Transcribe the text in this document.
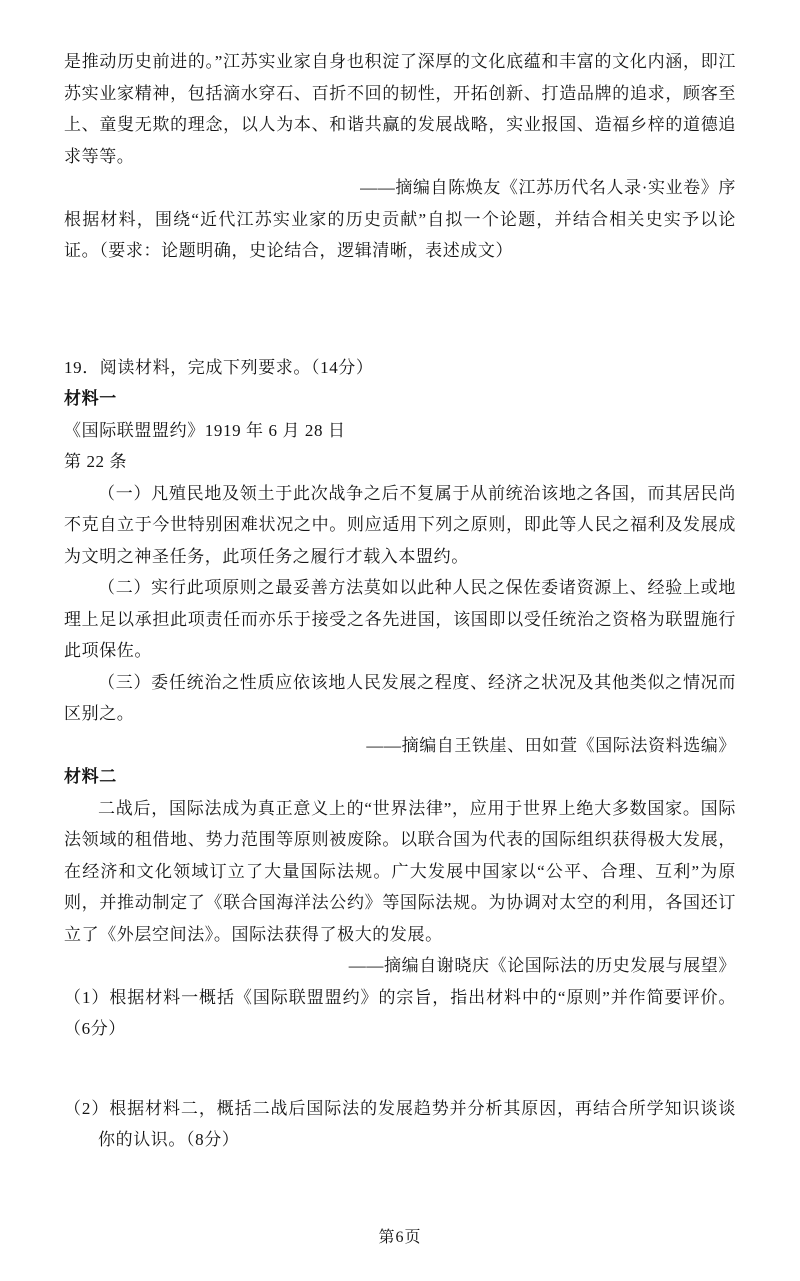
是推动历史前进的。”江苏实业家自身也积淀了深厚的文化底蕴和丰富的文化内涵，即江苏实业家精神，包括滴水穿石、百折不回的韧性，开拓创新、打造品牌的追求，顾客至上、童叟无欺的理念，以人为本、和谐共赢的发展战略，实业报国、造福乡梓的道德追求等等。

——摘编自陈焕友《江苏历代名人录·实业卷》序

根据材料，围绕“近代江苏实业家的历史贡献”自拟一个论题，并结合相关史实予以论证。（要求：论题明确，史论结合，逻辑清晰，表述成文）

19．阅读材料，完成下列要求。（14分）

材料一

《国际联盟盟约》1919 年 6 月 28 日

第 22 条

（一）凡殖民地及领土于此次战争之后不复属于从前统治该地之各国，而其居民尚不克自立于今世特别困难状况之中。则应适用下列之原则，即此等人民之福利及发展成为文明之神圣任务，此项任务之履行才载入本盟约。

（二）实行此项原则之最妥善方法莫如以此种人民之保佐委诸资源上、经验上或地理上足以承担此项责任而亦乐于接受之各先进国，该国即以受任统治之资格为联盟施行此项保佐。

（三）委任统治之性质应依该地人民发展之程度、经济之状况及其他类似之情况而区别之。

——摘编自王铁崖、田如萱《国际法资料选编》

材料二

二战后，国际法成为真正意义上的“世界法律”，应用于世界上绝大多数国家。国际法领域的租借地、势力范围等原则被废除。以联合国为代表的国际组织获得极大发展，在经济和文化领域订立了大量国际法规。广大发展中国家以“公平、合理、互利”为原则，并推动制定了《联合国海洋法公约》等国际法规。为协调对太空的利用，各国还订立了《外层空间法》。国际法获得了极大的发展。

——摘编自谢晓庆《论国际法的历史发展与展望》

（1）根据材料一概括《国际联盟盟约》的宗旨，指出材料中的“原则”并作简要评价。（6分）

（2）根据材料二，概括二战后国际法的发展趋势并分析其原因，再结合所学知识谈谈你的认识。（8分）

第6页
